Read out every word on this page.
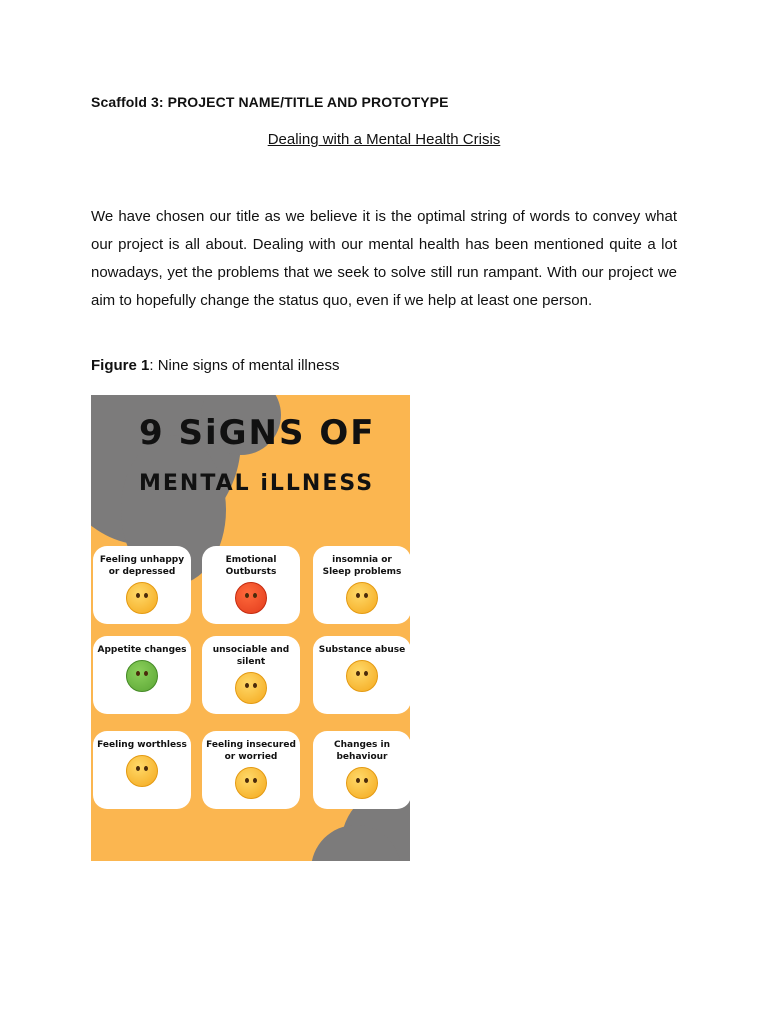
Scaffold 3: PROJECT NAME/TITLE AND PROTOTYPE
Dealing with a Mental Health Crisis
We have chosen our title as we believe it is the optimal string of words to convey what our project is all about. Dealing with our mental health has been mentioned quite a lot nowadays, yet the problems that we seek to solve still run rampant. With our project we aim to hopefully change the status quo, even if we help at least one person.
Figure 1: Nine signs of mental illness
9 SiGNS OF
MENTAL iLLNESS
Feeling unhappy or depressed
Emotional Outbursts
insomnia or Sleep problems
Appetite changes	unsociable and silent
Substance abuse
Feeling worthless Feeling insecured or worried
Changes in behaviour
